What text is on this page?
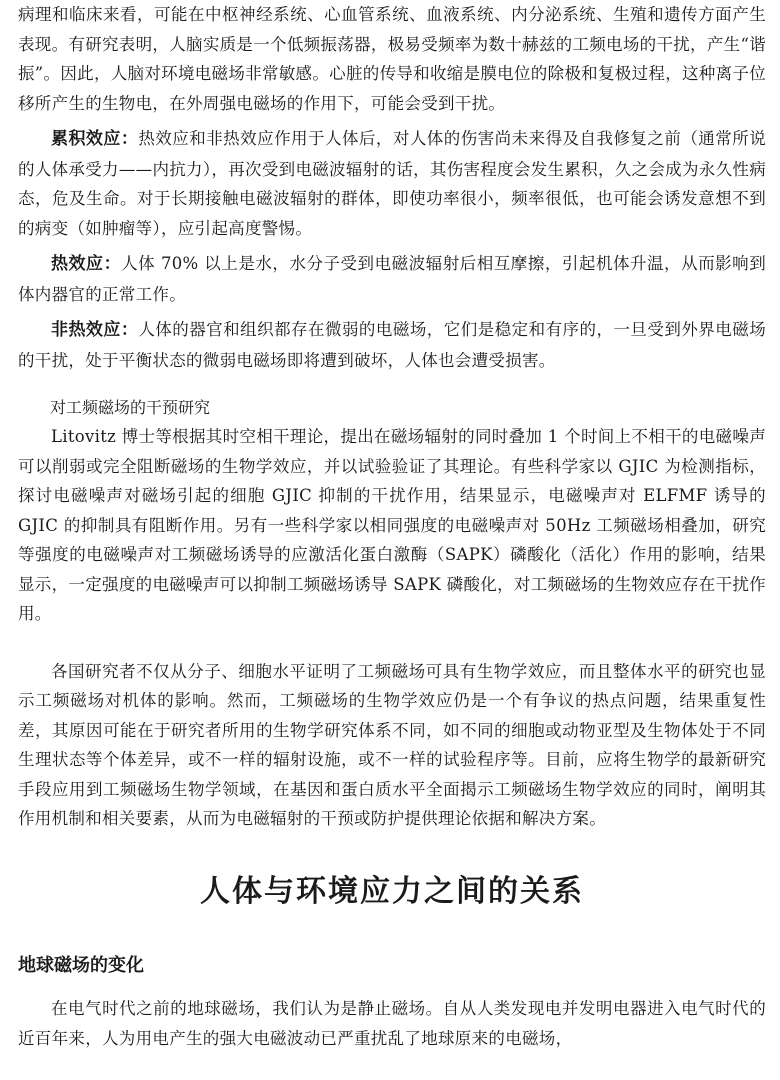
病理和临床来看，可能在中枢神经系统、心血管系统、血液系统、内分泌系统、生殖和遗传方面产生表现。有研究表明，人脑实质是一个低频振荡器，极易受频率为数十赫兹的工频电场的干扰，产生“谐振”。因此，人脑对环境电磁场非常敏感。心脏的传导和收缩是膜电位的除极和复极过程，这种离子位移所产生的生物电，在外周强电磁场的作用下，可能会受到干扰。

累积效应：热效应和非热效应作用于人体后，对人体的伤害尚未来得及自我修复之前（通常所说的人体承受力——内抗力），再次受到电磁波辐射的话，其伤害程度会发生累积，久之会成为永久性病态，危及生命。对于长期接触电磁波辐射的群体，即使功率很小，频率很低，也可能会诱发意想不到的病变（如肿瘤等），应引起高度警惕。

热效应：人体 70% 以上是水，水分子受到电磁波辐射后相互摩擦，引起机体升温，从而影响到体内器官的正常工作。

非热效应：人体的器官和组织都存在微弱的电磁场，它们是稳定和有序的，一旦受到外界电磁场的干扰，处于平衡状态的微弱电磁场即将遭到破坏，人体也会遭受损害。

对工频磁场的干预研究

Litovitz 博士等根据其时空相干理论，提出在磁场辐射的同时叠加 1 个时间上不相干的电磁噪声可以削弱或完全阻断磁场的生物学效应，并以试验验证了其理论。有些科学家以 GJIC 为检测指标，探讨电磁噪声对磁场引起的细胞 GJIC 抑制的干扰作用，结果显示，电磁噪声对 ELFMF 诱导的 GJIC 的抑制具有阻断作用。另有一些科学家以相同强度的电磁噪声对 50Hz 工频磁场相叠加，研究等强度的电磁噪声对工频磁场诱导的应激活化蛋白激酶（SAPK）磷酸化（活化）作用的影响，结果显示，一定强度的电磁噪声可以抑制工频磁场诱导 SAPK 磷酸化，对工频磁场的生物效应存在干扰作用。

各国研究者不仅从分子、细胞水平证明了工频磁场可具有生物学效应，而且整体水平的研究也显示工频磁场对机体的影响。然而，工频磁场的生物学效应仍是一个有争议的热点问题，结果重复性差，其原因可能在于研究者所用的生物学研究体系不同，如不同的细胞或动物亚型及生物体处于不同生理状态等个体差异，或不一样的辐射设施，或不一样的试验程序等。目前，应将生物学的最新研究手段应用到工频磁场生物学领域，在基因和蛋白质水平全面揭示工频磁场生物学效应的同时，阐明其作用机制和相关要素，从而为电磁辐射的干预或防护提供理论依据和解决方案。

人体与环境应力之间的关系
地球磁场的变化

在电气时代之前的地球磁场，我们认为是静止磁场。自从人类发现电并发明电器进入电气时代的近百年来，人为用电产生的强大电磁波动已严重扰乱了地球原来的电磁场，
